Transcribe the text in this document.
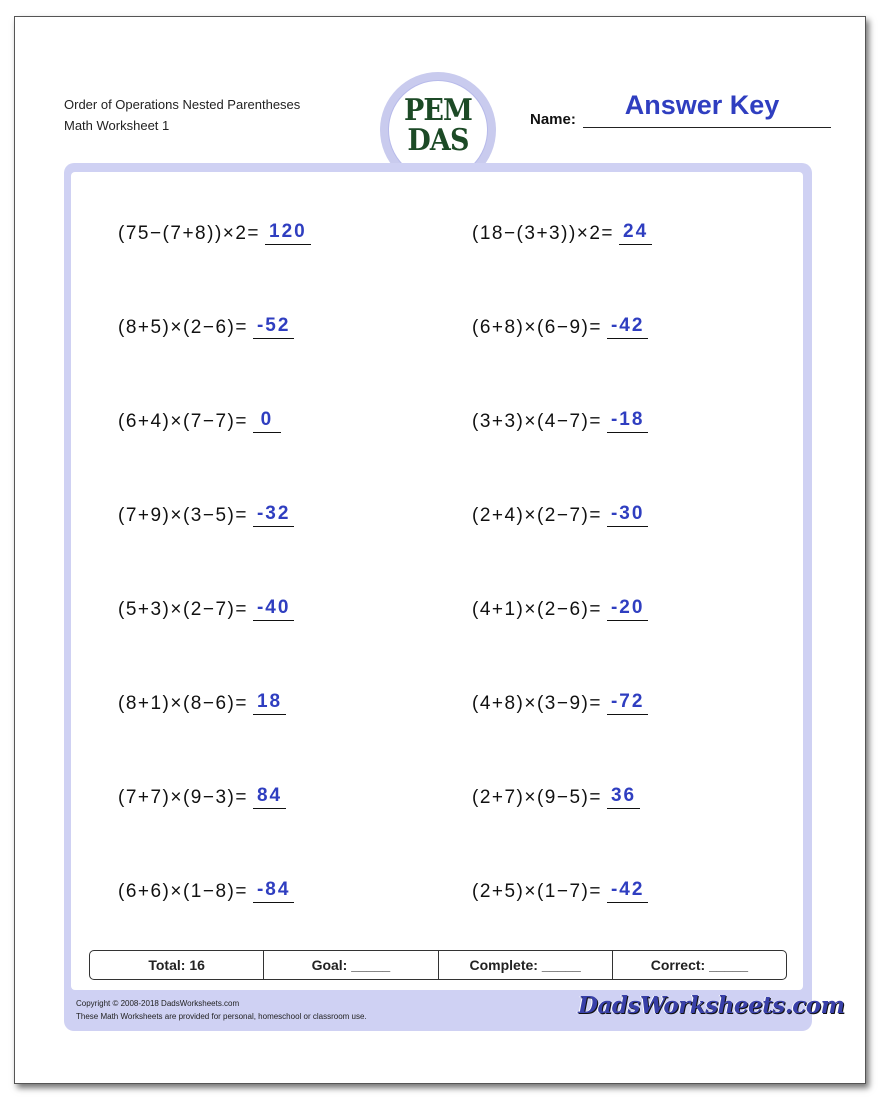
Order of Operations Nested Parentheses
Math Worksheet 1	PEM
DAS
Name:	Answer Key
(75−(7+8))×2= 120	(18−(3+3))×2= 24
(8+5)×(2−6)= -52	(6+8)×(6−9)= -42
(6+4)×(7−7)= 0	(3+3)×(4−7)= -18
(7+9)×(3−5)= -32	(2+4)×(2−7)= -30
(5+3)×(2−7)= -40	(4+1)×(2−6)= -20
(8+1)×(8−6)= 18	(4+8)×(3−9)= -72
(7+7)×(9−3)= 84	(2+7)×(9−5)= 36
(6+6)×(1−8)= -84	(2+5)×(1−7)= -42
Total: 16	Goal: _____	Complete: _____	Correct: _____
Copyright © 2008-2018 DadsWorksheets.com
These Math Worksheets are provided for personal, homeschool or classroom use.	DadsWorksheets.com
